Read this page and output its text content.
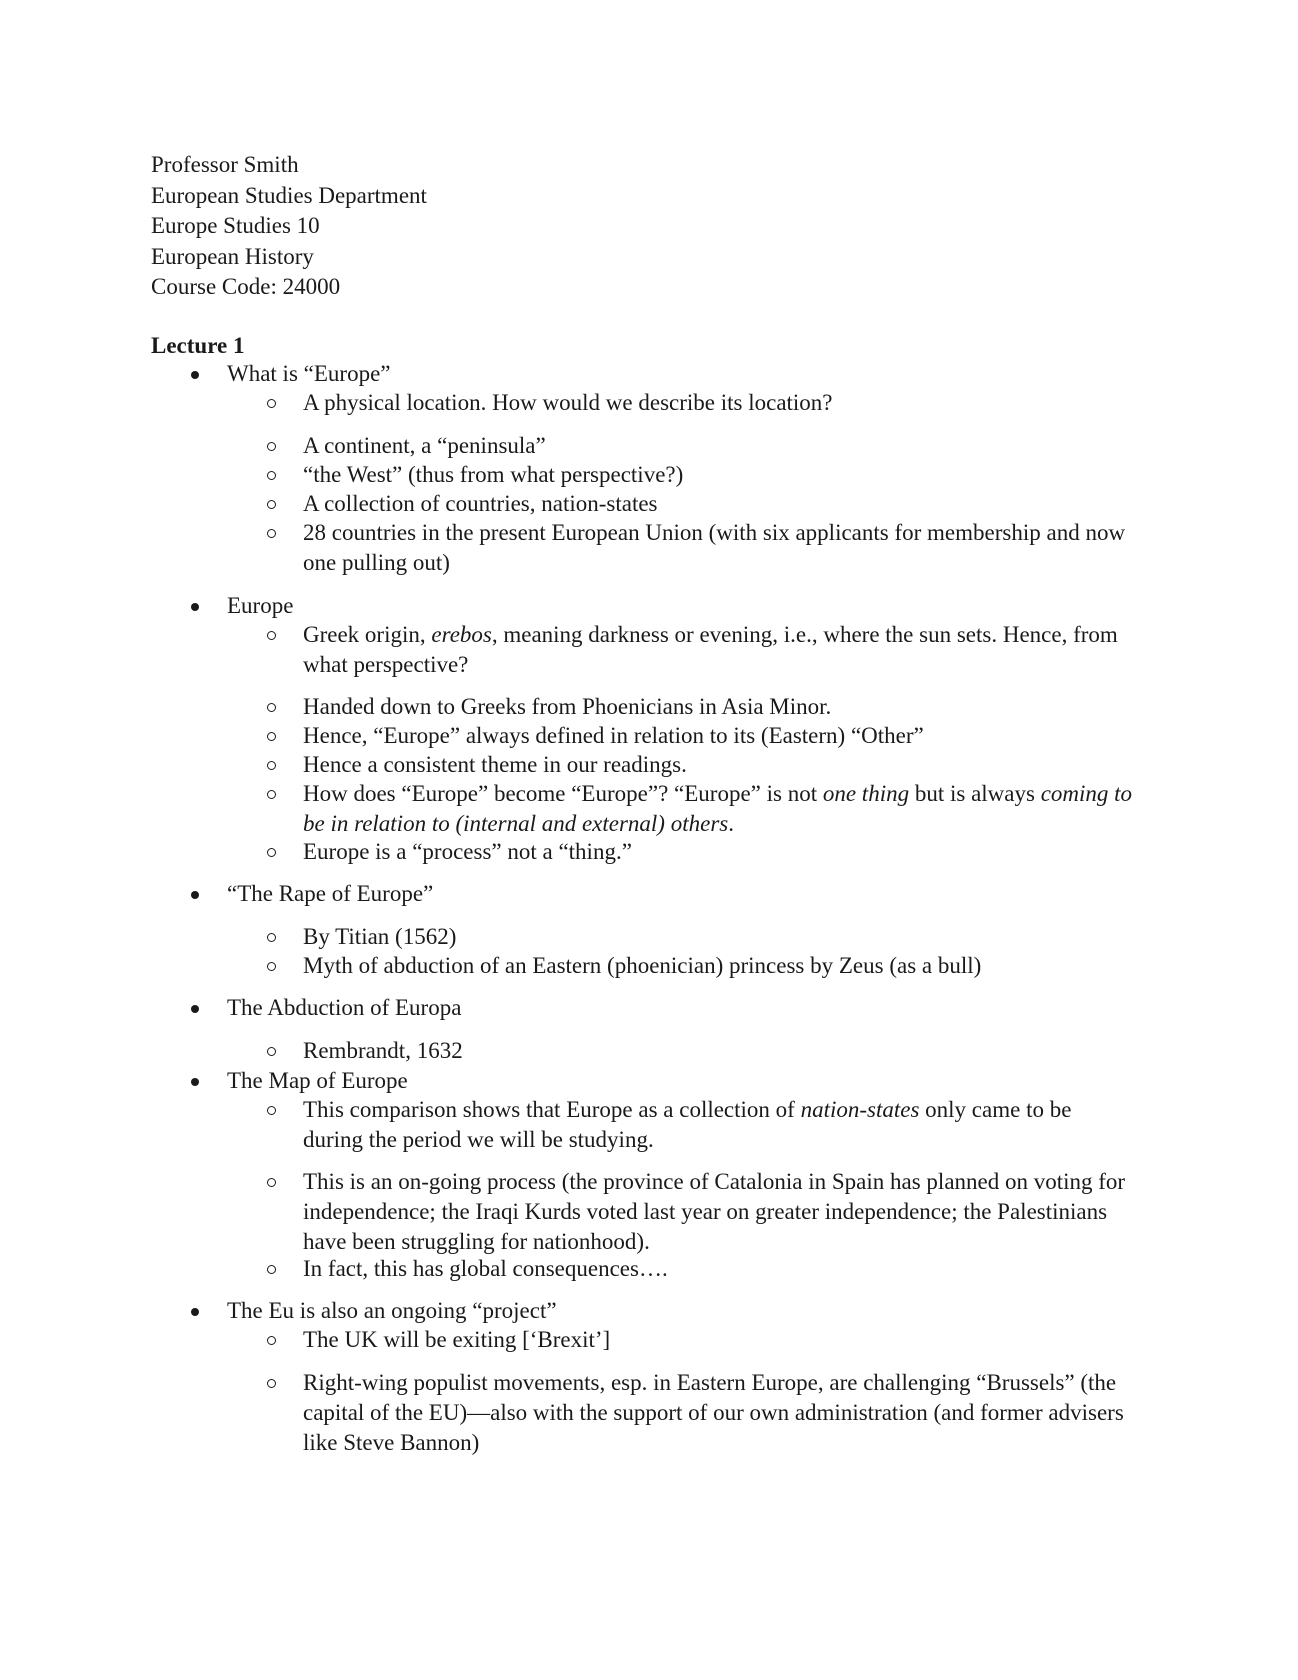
Professor Smith
European Studies Department
Europe Studies 10
European History
Course Code: 24000
Lecture 1
What is “Europe”
A physical location. How would we describe its location?
A continent, a “peninsula”
“the West” (thus from what perspective?)
A collection of countries, nation-states
28 countries in the present European Union (with six applicants for membership and now one pulling out)
Europe
Greek origin, erebos, meaning darkness or evening, i.e., where the sun sets. Hence, from what perspective?
Handed down to Greeks from Phoenicians in Asia Minor.
Hence, “Europe” always defined in relation to its (Eastern) “Other”
Hence a consistent theme in our readings.
How does “Europe” become “Europe”? “Europe” is not one thing but is always coming to be in relation to (internal and external) others.
Europe is a “process” not a “thing.”
“The Rape of Europe”
By Titian (1562)
Myth of abduction of an Eastern (phoenician) princess by Zeus (as a bull)
The Abduction of Europa
Rembrandt, 1632
The Map of Europe
This comparison shows that Europe as a collection of nation-states only came to be during the period we will be studying.
This is an on-going process (the province of Catalonia in Spain has planned on voting for independence; the Iraqi Kurds voted last year on greater independence; the Palestinians have been struggling for nationhood).
In fact, this has global consequences….
The Eu is also an ongoing “project”
The UK will be exiting [‘Brexit’]
Right-wing populist movements, esp. in Eastern Europe, are challenging “Brussels” (the capital of the EU)—also with the support of our own administration (and former advisers like Steve Bannon)
